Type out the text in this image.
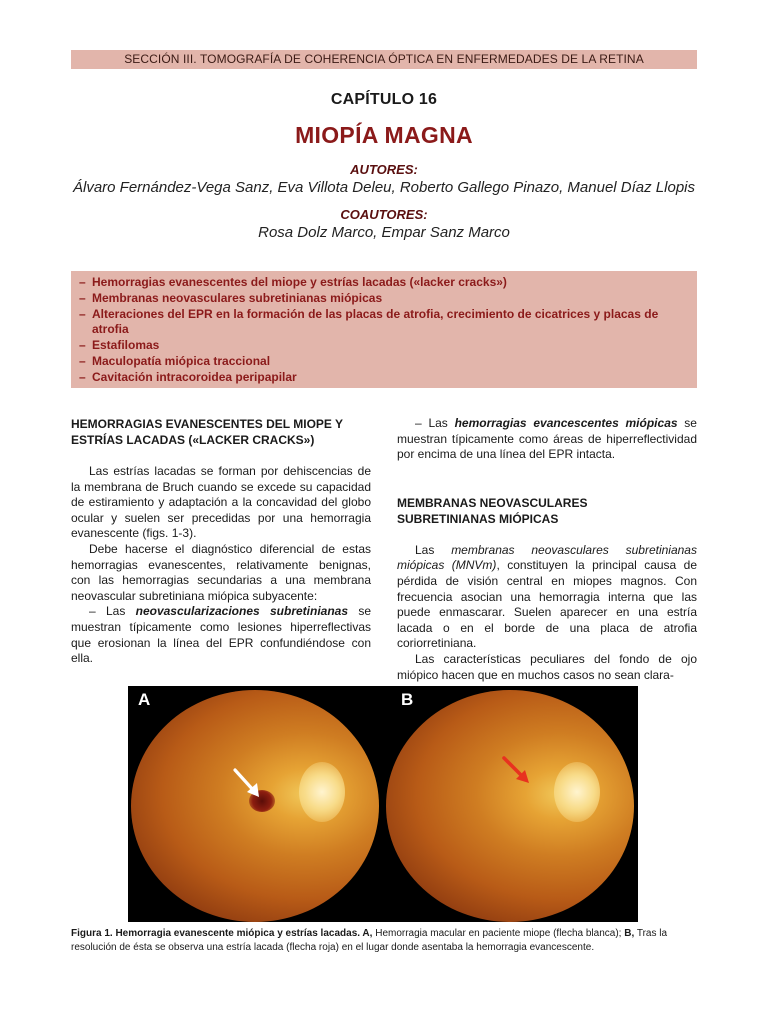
SECCIÓN III. TOMOGRAFÍA DE COHERENCIA ÓPTICA EN ENFERMEDADES DE LA RETINA
CAPÍTULO 16
MIOPÍA MAGNA
AUTORES:
Álvaro Fernández-Vega Sanz, Eva Villota Deleu, Roberto Gallego Pinazo, Manuel Díaz Llopis
COAUTORES:
Rosa Dolz Marco, Empar Sanz Marco
– Hemorragias evanescentes del miope y estrías lacadas («lacker cracks»)
– Membranas neovasculares subretinianas miópicas
– Alteraciones del EPR en la formación de las placas de atrofia, crecimiento de cicatrices y placas de atrofia
– Estafilomas
– Maculopatía miópica traccional
– Cavitación intracoroidea peripapilar
HEMORRAGIAS EVANESCENTES DEL MIOPE Y
ESTRÍAS LACADAS («LACKER CRACKS»)

Las estrías lacadas se forman por dehiscencias de la membrana de Bruch cuando se excede su capacidad de estiramiento y adaptación a la concavidad del globo ocular y suelen ser precedidas por una hemorragia evanescente (figs. 1-3).

Debe hacerse el diagnóstico diferencial de estas hemorragias evanescentes, relativamente benignas, con las hemorragias secundarias a una membrana neovascular subretiniana miópica subyacente:

– Las neovascularizaciones subretinianas se muestran típicamente como lesiones hiperreflectivas que erosionan la línea del EPR confundiéndose con ella.

– Las hemorragias evancescentes miópicas se muestran típicamente como áreas de hiperreflectividad por encima de una línea del EPR intacta.

MEMBRANAS NEOVASCULARES
SUBRETINIANAS MIÓPICAS

Las membranas neovasculares subretinianas miópicas (MNVm), constituyen la principal causa de pérdida de visión central en miopes magnos. Con frecuencia asocian una hemorragia interna que las puede enmascarar. Suelen aparecer en una estría lacada o en el borde de una placa de atrofia coriorretiniana.

Las características peculiares del fondo de ojo miópico hacen que en muchos casos no sean clara-

A	B
Figura 1. Hemorragia evanescente miópica y estrías lacadas. A, Hemorragia macular en paciente miope (flecha blanca); B, Tras la resolución de ésta se observa una estría lacada (flecha roja) en el lugar donde asentaba la hemorragia evancescente.
